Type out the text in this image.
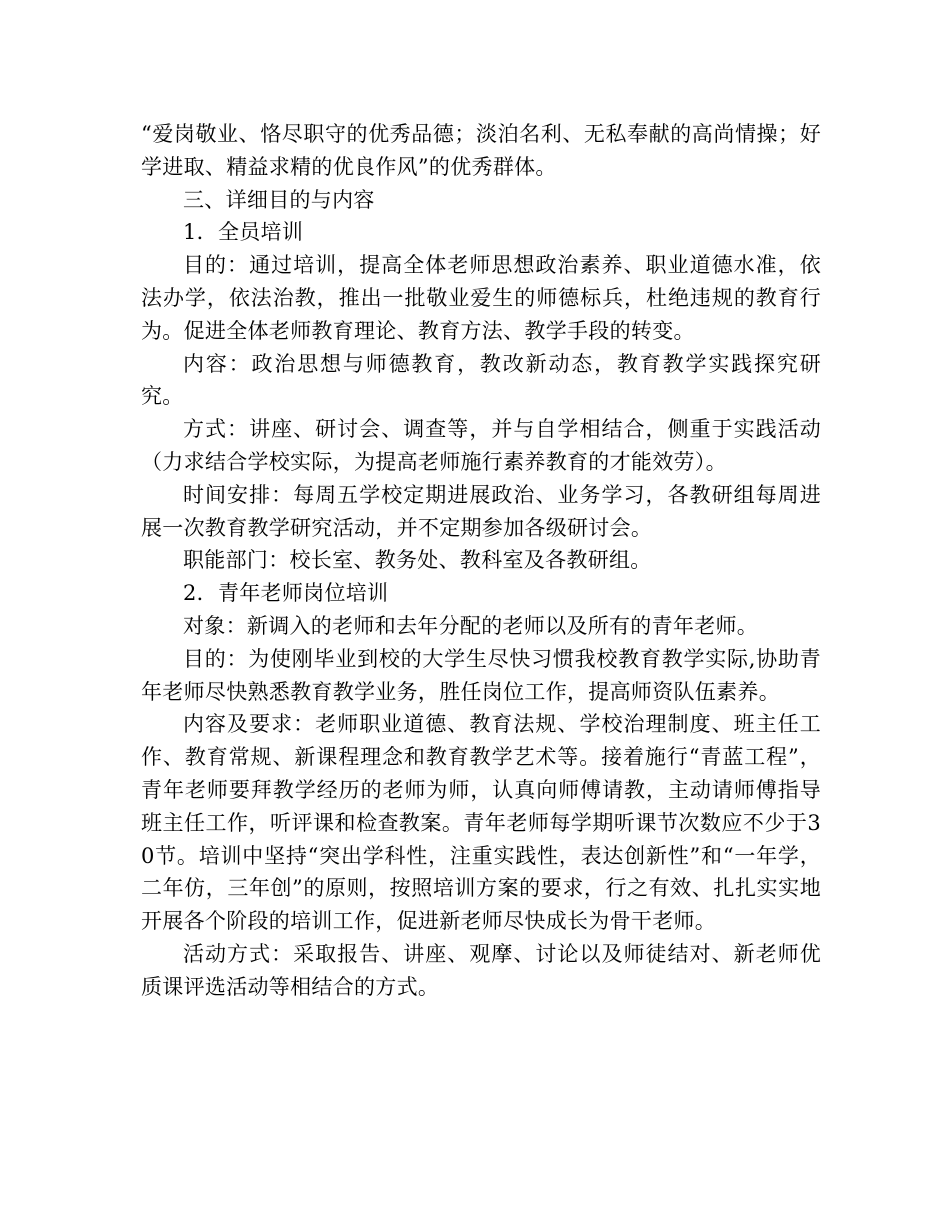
“爱岗敬业、恪尽职守的优秀品德；淡泊名利、无私奉献的高尚情操；好学进取、精益求精的优良作风”的优秀群体。

三、详细目的与内容

1．全员培训

目的：通过培训，提高全体老师思想政治素养、职业道德水准，依法办学，依法治教，推出一批敬业爱生的师德标兵，杜绝违规的教育行为。促进全体老师教育理论、教育方法、教学手段的转变。

内容：政治思想与师德教育，教改新动态，教育教学实践探究研究。

方式：讲座、研讨会、调查等，并与自学相结合，侧重于实践活动（力求结合学校实际，为提高老师施行素养教育的才能效劳）。

时间安排：每周五学校定期进展政治、业务学习，各教研组每周进展一次教育教学研究活动，并不定期参加各级研讨会。

职能部门：校长室、教务处、教科室及各教研组。

2．青年老师岗位培训

对象：新调入的老师和去年分配的老师以及所有的青年老师。

目的：为使刚毕业到校的大学生尽快习惯我校教育教学实际,协助青年老师尽快熟悉教育教学业务，胜任岗位工作，提高师资队伍素养。

内容及要求：老师职业道德、教育法规、学校治理制度、班主任工作、教育常规、新课程理念和教育教学艺术等。接着施行“青蓝工程”，青年老师要拜教学经历的老师为师，认真向师傅请教，主动请师傅指导班主任工作，听评课和检查教案。青年老师每学期听课节次数应不少于30节。培训中坚持“突出学科性，注重实践性，表达创新性”和“一年学，二年仿，三年创”的原则，按照培训方案的要求，行之有效、扎扎实实地开展各个阶段的培训工作，促进新老师尽快成长为骨干老师。

活动方式：采取报告、讲座、观摩、讨论以及师徒结对、新老师优质课评选活动等相结合的方式。
